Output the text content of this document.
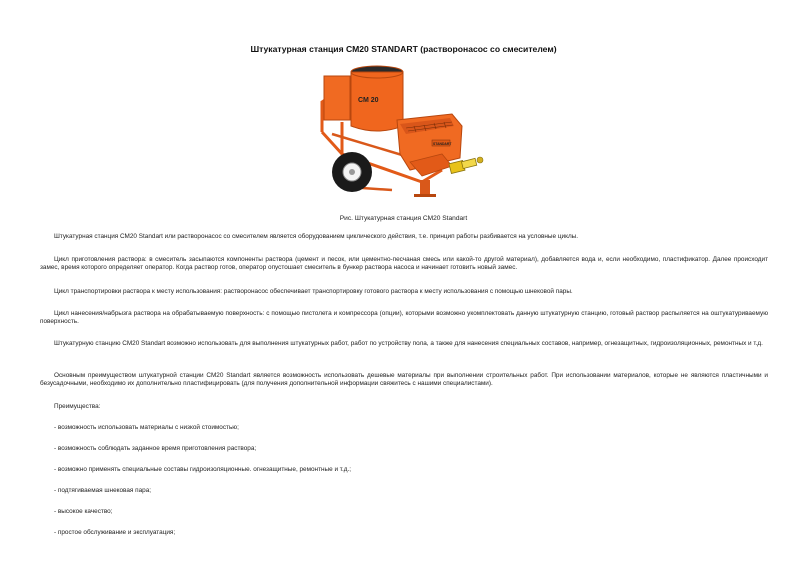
Штукатурная станция СМ20 STANDART (растворонасос со смесителем)
СМ 20
STANDART
Рис. Штукатурная станция СМ20 Standart

Штукатурная станция СМ20 Standart или растворонасос со смесителем является оборудованием циклического действия, т.е. принцип работы разбивается на условные циклы.

Цикл приготовления раствора: в смеситель засыпаются компоненты раствора (цемент и песок, или цементно-песчаная смесь или какой-то другой материал), добавляется вода и, если необходимо, пластификатор. Далее происходит замес, время которого определяет оператор. Когда раствор готов, оператор опустошает смеситель в бункер раствора насоса и начинает готовить новый замес.

Цикл транспортировки раствора к месту использования: растворонасос обеспечивает транспортировку готового раствора к месту использования с помощью шнековой пары.

Цикл нанесения/набрызга раствора на обрабатываемую поверхность: с помощью пистолета и компрессора (опции), которыми возможно укомплектовать данную штукатурную станцию, готовый раствор распыляется на оштукатуриваемую поверхность.

Штукатурную станцию СМ20 Standart возможно использовать для выполнения штукатурных работ, работ по устройству пола, а также для нанесения специальных составов, например, огнезащитных, гидроизоляционных, ремонтных и т.д.

Основным преимуществом штукатурной станции СМ20 Standart является возможность использовать дешевые материалы при выполнении строительных работ. При использовании материалов, которые не являются пластичными и безусадочными, необходимо их дополнительно пластифицировать (для получения дополнительной информации свяжитесь с нашими специалистами).

Преимущества:

- возможность использовать материалы с низкой стоимостью;

- возможность соблюдать заданное время приготовления раствора;

- возможно применять специальные составы гидроизоляционные. огнезащитные, ремонтные и т.д.;

- подтягиваемая шнековая пара;

- высокое качество;

- простое обслуживание и эксплуатация;
